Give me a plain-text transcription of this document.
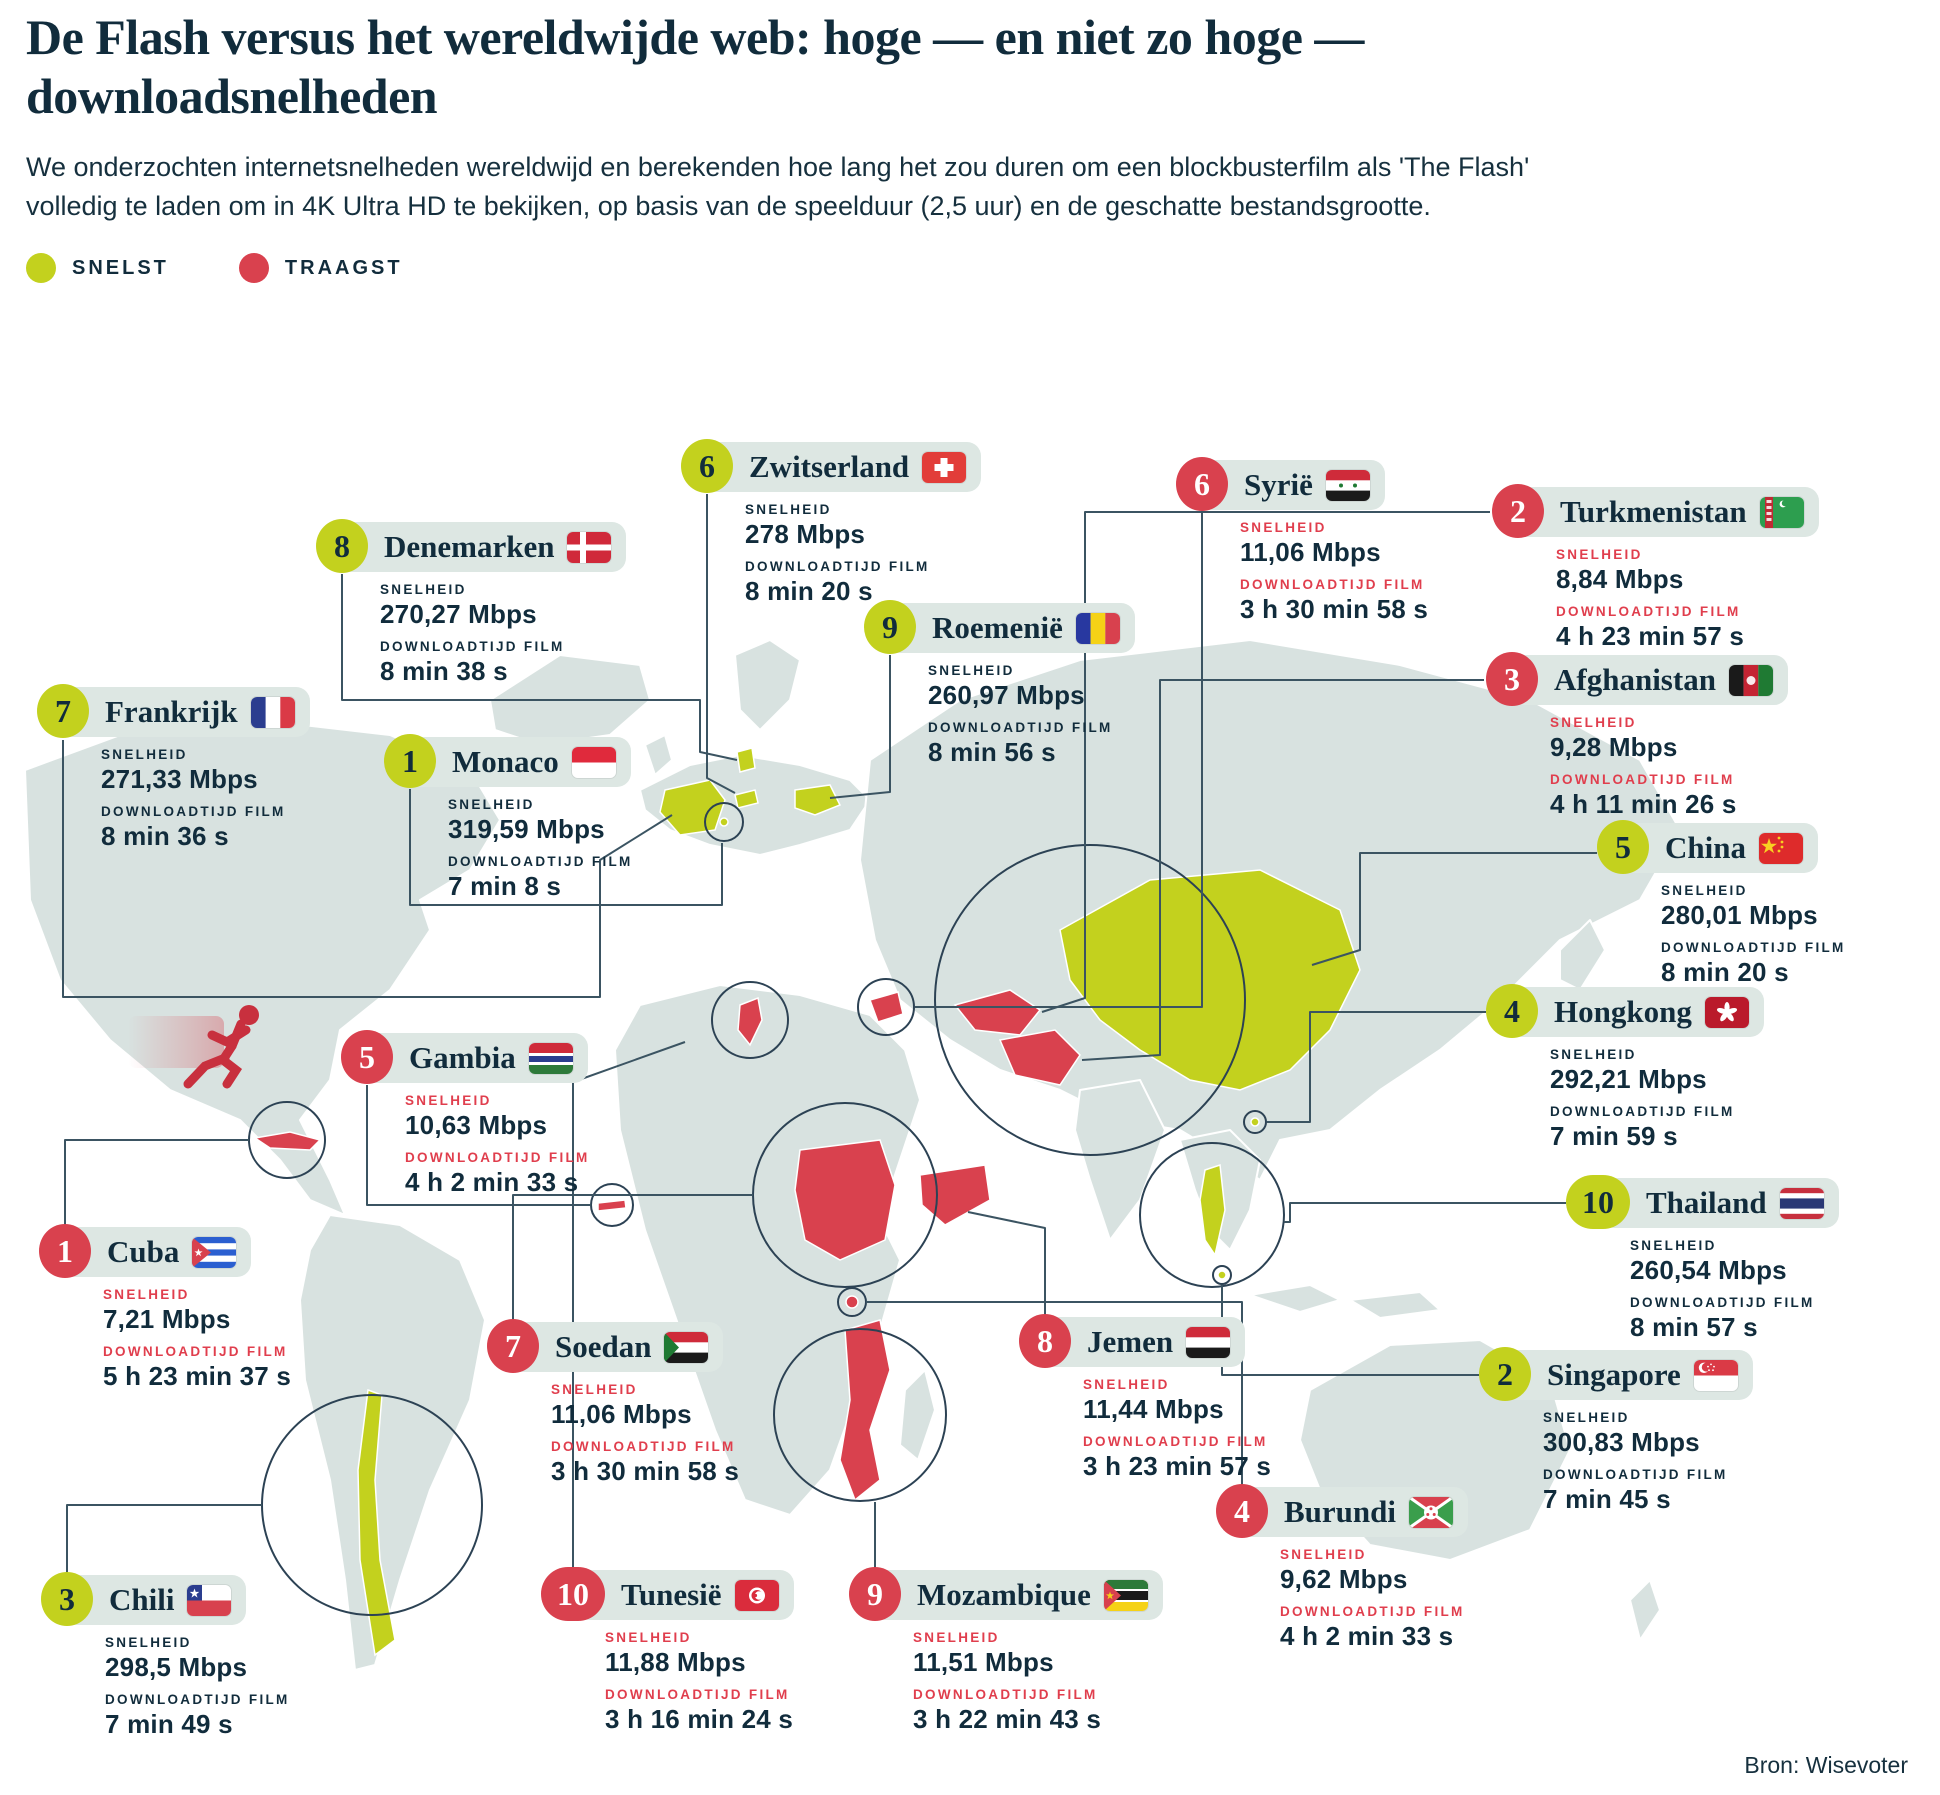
De Flash versus het wereldwijde web: hoge — en niet zo hoge — downloadsnelheden
We onderzochten internetsnelheden wereldwijd en berekenden hoe lang het zou duren om een blockbusterfilm als 'The Flash' volledig te laden om in 4K Ultra HD te bekijken, op basis van de speelduur (2,5 uur) en de geschatte bestandsgrootte.
SNELST	TRAAGST
6	Zwitserland
SNELHEID
278 Mbps
DOWNLOADTIJD FILM
8 min 20 s
8	Denemarken
SNELHEID
270,27 Mbps
DOWNLOADTIJD FILM
8 min 38 s
7	Frankrijk
SNELHEID
271,33 Mbps
DOWNLOADTIJD FILM
8 min 36 s
1	Monaco
SNELHEID
319,59 Mbps
DOWNLOADTIJD FILM
7 min 8 s
9	Roemenië
SNELHEID
260,97 Mbps
DOWNLOADTIJD FILM
8 min 56 s
5	China
SNELHEID
280,01 Mbps
DOWNLOADTIJD FILM
8 min 20 s
4	Hongkong
SNELHEID
292,21 Mbps
DOWNLOADTIJD FILM
7 min 59 s
10	Thailand
SNELHEID
260,54 Mbps
DOWNLOADTIJD FILM
8 min 57 s
2	Singapore
SNELHEID
300,83 Mbps
DOWNLOADTIJD FILM
7 min 45 s
3	Chili
SNELHEID
298,5 Mbps
DOWNLOADTIJD FILM
7 min 49 s
6	Syrië
SNELHEID
11,06 Mbps
DOWNLOADTIJD FILM
3 h 30 min 58 s
2	Turkmenistan
SNELHEID
8,84 Mbps
DOWNLOADTIJD FILM
4 h 23 min 57 s
3	Afghanistan
SNELHEID
9,28 Mbps
DOWNLOADTIJD FILM
4 h 11 min 26 s
5	Gambia
SNELHEID
10,63 Mbps
DOWNLOADTIJD FILM
4 h 2 min 33 s
1	Cuba
SNELHEID
7,21 Mbps
DOWNLOADTIJD FILM
5 h 23 min 37 s
7	Soedan
SNELHEID
11,06 Mbps
DOWNLOADTIJD FILM
3 h 30 min 58 s
8	Jemen
SNELHEID
11,44 Mbps
DOWNLOADTIJD FILM
3 h 23 min 57 s
4	Burundi
SNELHEID
9,62 Mbps
DOWNLOADTIJD FILM
4 h 2 min 33 s
10	Tunesië
SNELHEID
11,88 Mbps
DOWNLOADTIJD FILM
3 h 16 min 24 s
9	Mozambique
SNELHEID
11,51 Mbps
DOWNLOADTIJD FILM
3 h 22 min 43 s
Bron: Wisevoter
